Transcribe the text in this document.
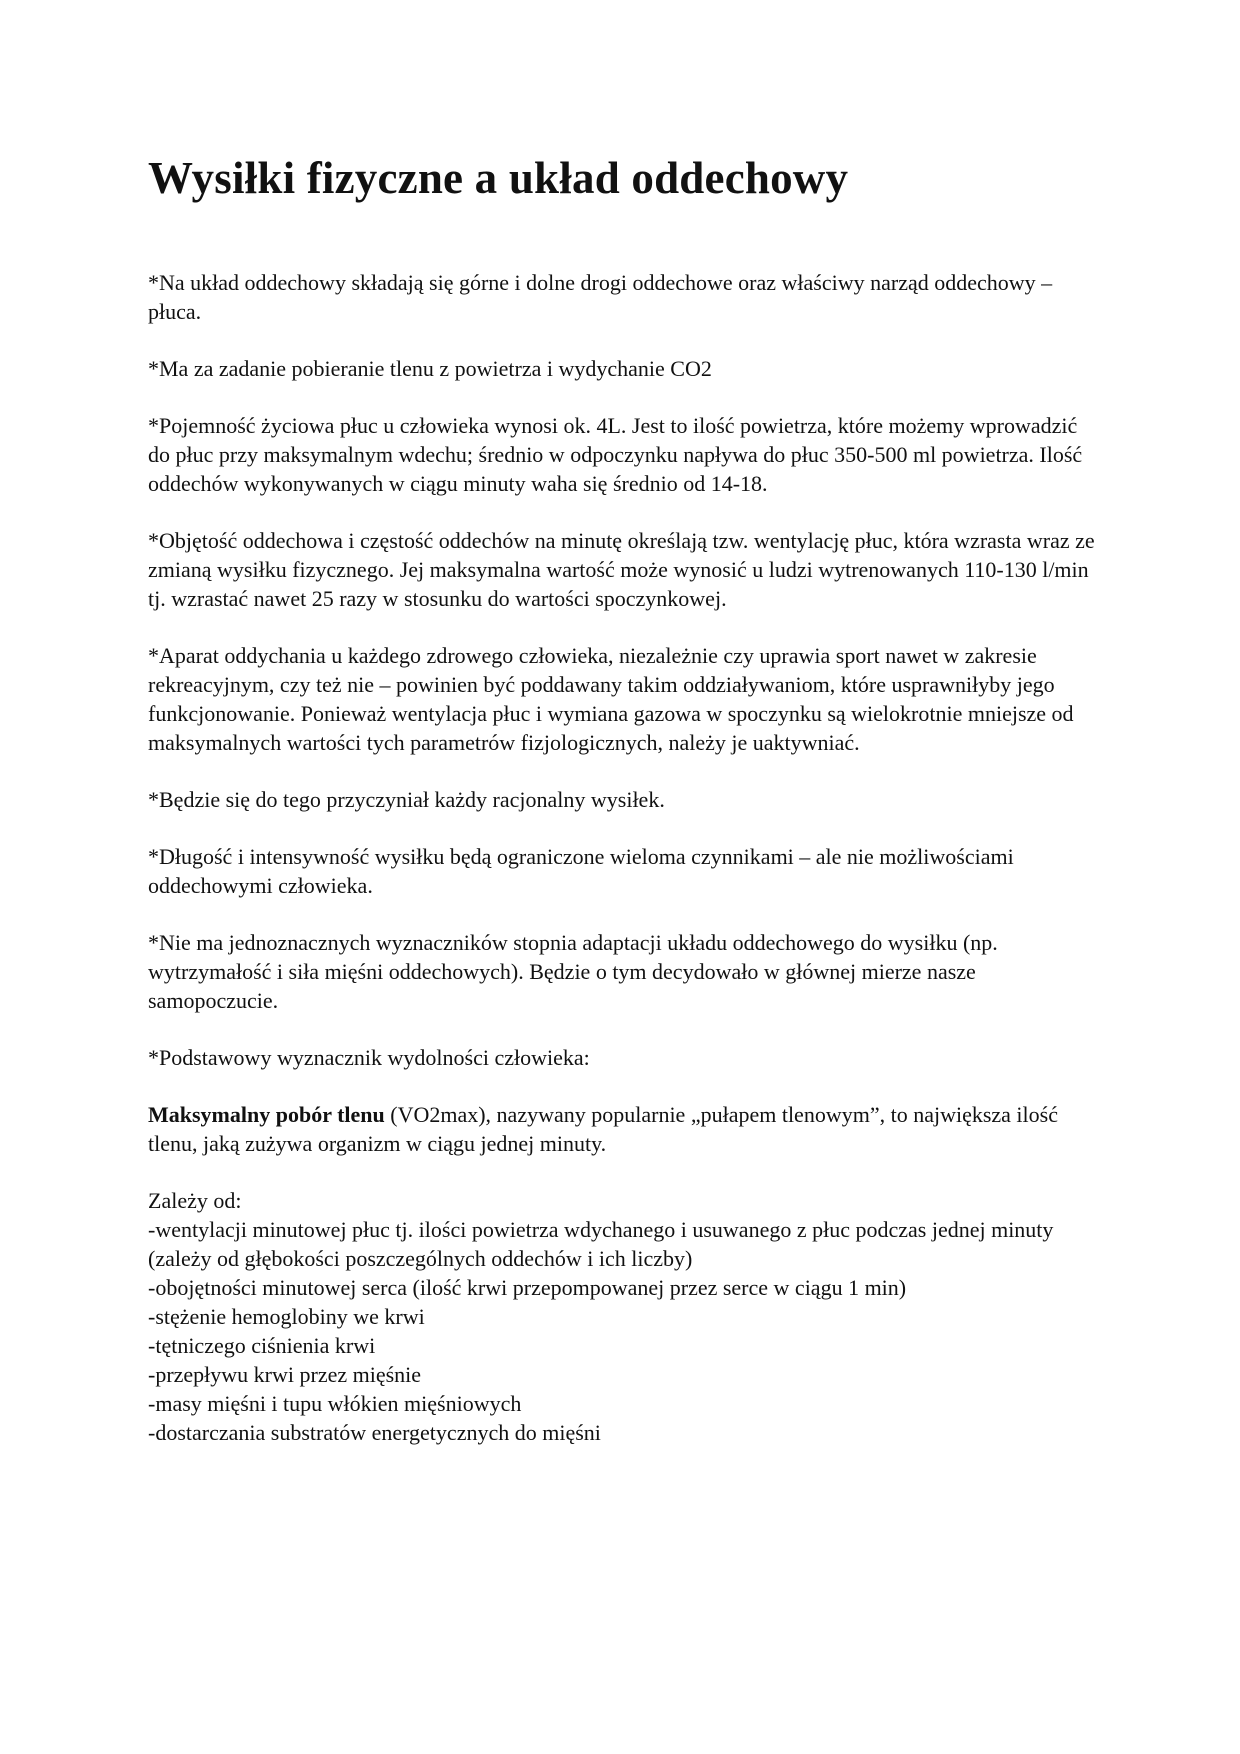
Wysiłki fizyczne a układ oddechowy

*Na układ oddechowy składają się górne i dolne drogi oddechowe oraz właściwy narząd oddechowy – płuca.

*Ma za zadanie pobieranie tlenu z powietrza i wydychanie CO2

*Pojemność życiowa płuc u człowieka wynosi ok. 4L. Jest to ilość powietrza, które możemy wprowadzić do płuc przy maksymalnym wdechu; średnio w odpoczynku napływa do płuc 350-500 ml powietrza. Ilość oddechów wykonywanych w ciągu minuty waha się średnio od 14-18.

*Objętość oddechowa i częstość oddechów na minutę określają tzw. wentylację płuc, która wzrasta wraz ze zmianą wysiłku fizycznego. Jej maksymalna wartość może wynosić u ludzi wytrenowanych 110-130 l/min tj. wzrastać nawet 25 razy w stosunku do wartości spoczynkowej.

*Aparat oddychania u każdego zdrowego człowieka, niezależnie czy uprawia sport nawet w zakresie rekreacyjnym, czy też nie – powinien być poddawany takim oddziaływaniom, które usprawniłyby jego funkcjonowanie. Ponieważ wentylacja płuc i wymiana gazowa w spoczynku są wielokrotnie mniejsze od maksymalnych wartości tych parametrów fizjologicznych, należy je uaktywniać.

*Będzie się do tego przyczyniał każdy racjonalny wysiłek.

*Długość i intensywność wysiłku będą ograniczone wieloma czynnikami – ale nie możliwościami oddechowymi człowieka.

*Nie ma jednoznacznych wyznaczników stopnia adaptacji układu oddechowego do wysiłku (np. wytrzymałość i siła mięśni oddechowych). Będzie o tym decydowało w głównej mierze nasze samopoczucie.

*Podstawowy wyznacznik wydolności człowieka:

Maksymalny pobór tlenu (VO2max), nazywany popularnie „pułapem tlenowym”, to największa ilość tlenu, jaką zużywa organizm w ciągu jednej minuty.

Zależy od:

-wentylacji minutowej płuc tj. ilości powietrza wdychanego i usuwanego z płuc podczas jednej minuty (zależy od głębokości poszczególnych oddechów i ich liczby)
-obojętności minutowej serca (ilość krwi przepompowanej przez serce w ciągu 1 min)
-stężenie hemoglobiny we krwi
-tętniczego ciśnienia krwi
-przepływu krwi przez mięśnie
-masy mięśni i tupu włókien mięśniowych
-dostarczania substratów energetycznych do mięśni
